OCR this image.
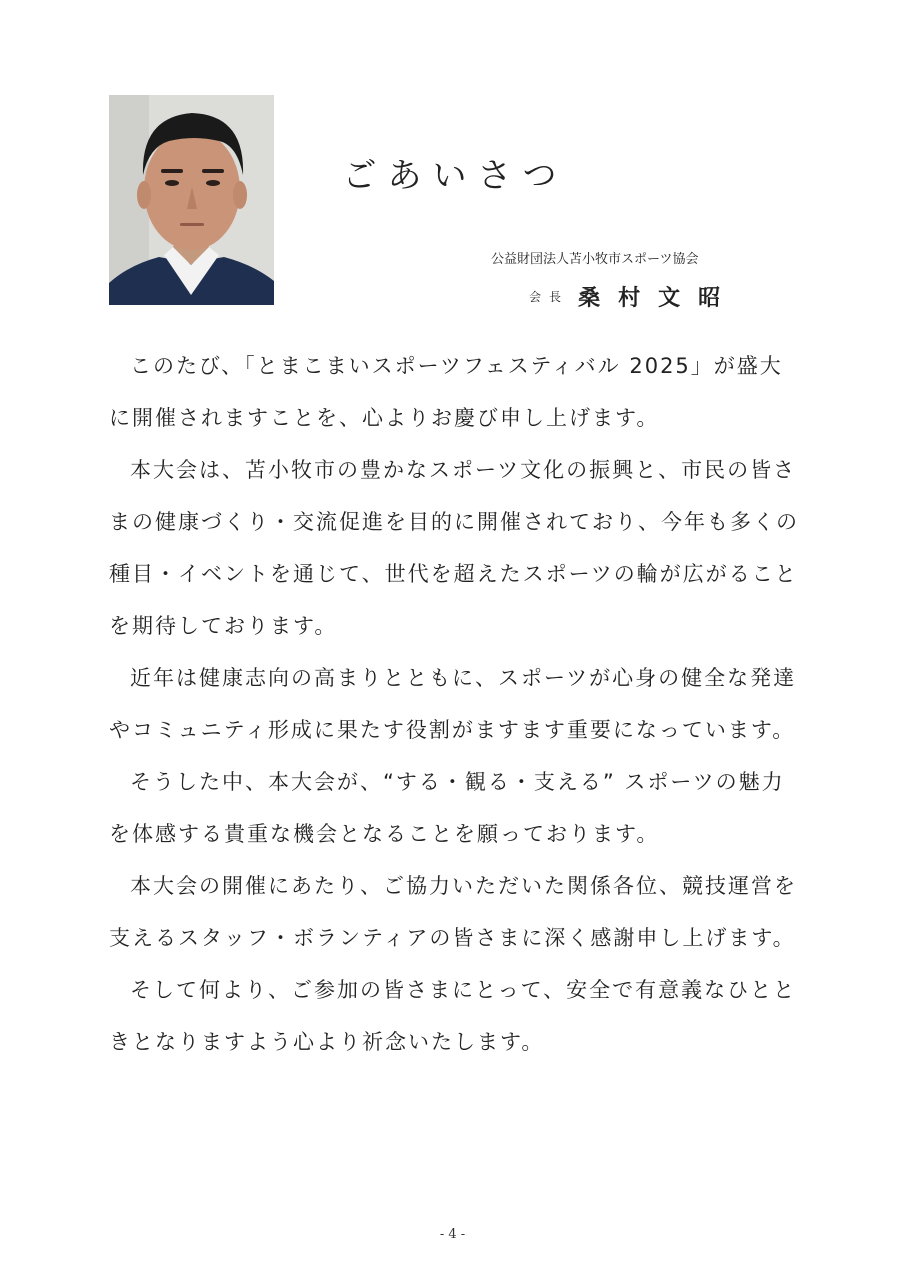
ごあいさつ
公益財団法人苫小牧市スポーツ協会
$^{会長}$ 桑村文昭

このたび、「とまこまいスポーツフェスティバル 2025」が盛大に開催されますことを、心よりお慶び申し上げます。

本大会は、苫小牧市の豊かなスポーツ文化の振興と、市民の皆さまの健康づくり・交流促進を目的に開催されており、今年も多くの種目・イベントを通じて、世代を超えたスポーツの輪が広がることを期待しております。

近年は健康志向の高まりとともに、スポーツが心身の健全な発達やコミュニティ形成に果たす役割がますます重要になっています。

そうした中、本大会が、“する・観る・支える” スポーツの魅力を体感する貴重な機会となることを願っております。

本大会の開催にあたり、ご協力いただいた関係各位、競技運営を支えるスタッフ・ボランティアの皆さまに深く感謝申し上げます。

そして何より、ご参加の皆さまにとって、安全で有意義なひとときとなりますよう心より祈念いたします。

- 4 -
